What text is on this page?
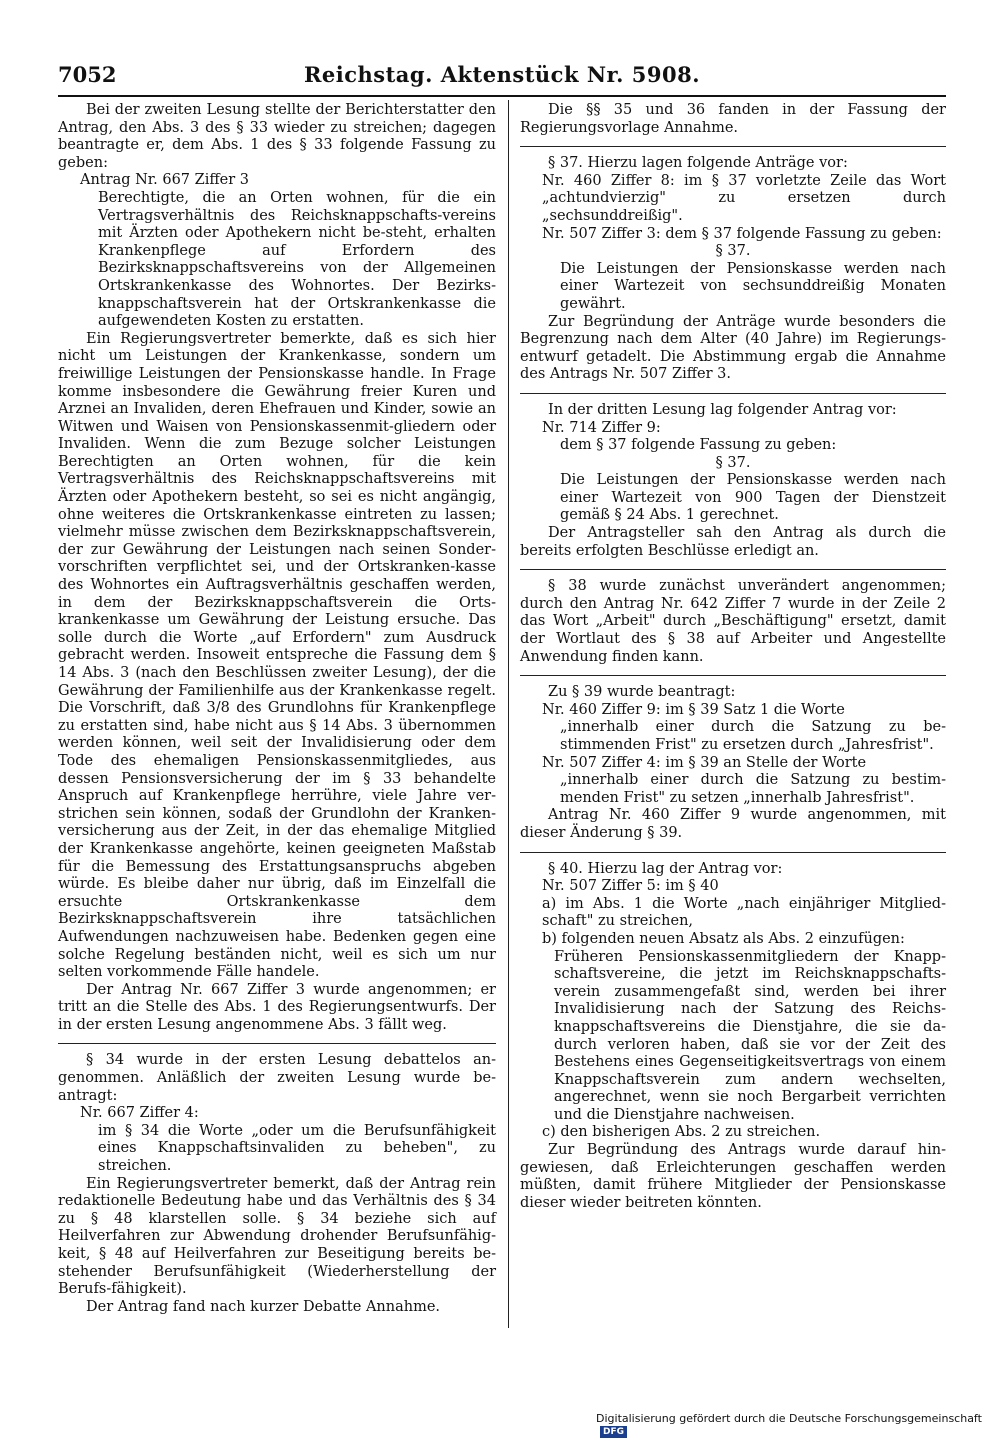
7052	Reichstag. Aktenstück Nr. 5908.
Bei der zweiten Lesung stellte der Berichterstatter den Antrag, den Abs. 3 des § 33 wieder zu streichen; dagegen beantragte er, dem Abs. 1 des § 33 folgende Fassung zu geben:
Antrag Nr. 667 Ziffer 3
Berechtigte, die an Orten wohnen, für die ein Vertragsverhältnis des Reichsknappschafts-vereins mit Ärzten oder Apothekern nicht be-steht, erhalten Krankenpflege auf Erfordern des Bezirksknappschaftsvereins von der Allgemeinen Ortskrankenkasse des Wohnortes. Der Bezirks-knappschaftsverein hat der Ortskrankenkasse die aufgewendeten Kosten zu erstatten.
Ein Regierungsvertreter bemerkte, daß es sich hier nicht um Leistungen der Krankenkasse, sondern um freiwillige Leistungen der Pensionskasse handle. In Frage komme insbesondere die Gewährung freier Kuren und Arznei an Invaliden, deren Ehefrauen und Kinder, sowie an Witwen und Waisen von Pensionskassenmit-gliedern oder Invaliden. Wenn die zum Bezuge solcher Leistungen Berechtigten an Orten wohnen, für die kein Vertragsverhältnis des Reichsknappschaftsvereins mit Ärzten oder Apothekern besteht, so sei es nicht angängig, ohne weiteres die Ortskrankenkasse eintreten zu lassen; vielmehr müsse zwischen dem Bezirksknappschaftsverein, der zur Gewährung der Leistungen nach seinen Sonder-vorschriften verpflichtet sei, und der Ortskranken-kasse des Wohnortes ein Auftragsverhältnis geschaffen werden, in dem der Bezirksknappschaftsverein die Orts-krankenkasse um Gewährung der Leistung ersuche. Das solle durch die Worte „auf Erfordern" zum Ausdruck gebracht werden. Insoweit entspreche die Fassung dem § 14 Abs. 3 (nach den Beschlüssen zweiter Lesung), der die Gewährung der Familienhilfe aus der Krankenkasse regelt. Die Vorschrift, daß 3/8 des Grundlohns für Krankenpflege zu erstatten sind, habe nicht aus § 14 Abs. 3 übernommen werden können, weil seit der Invalidisierung oder dem Tode des ehemaligen Pensionskassenmitgliedes, aus dessen Pensionsversicherung der im § 33 behandelte Anspruch auf Krankenpflege herrühre, viele Jahre ver-strichen sein können, sodaß der Grundlohn der Kranken-versicherung aus der Zeit, in der das ehemalige Mitglied der Krankenkasse angehörte, keinen geeigneten Maßstab für die Bemessung des Erstattungsanspruchs abgeben würde. Es bleibe daher nur übrig, daß im Einzelfall die ersuchte Ortskrankenkasse dem Bezirksknappschaftsverein ihre tatsächlichen Aufwendungen nachzuweisen habe. Bedenken gegen eine solche Regelung beständen nicht, weil es sich um nur selten vorkommende Fälle handele.
Der Antrag Nr. 667 Ziffer 3 wurde angenommen; er tritt an die Stelle des Abs. 1 des Regierungsentwurfs. Der in der ersten Lesung angenommene Abs. 3 fällt weg.
§ 34 wurde in der ersten Lesung debattelos an-genommen. Anläßlich der zweiten Lesung wurde be-antragt:
Nr. 667 Ziffer 4:
im § 34 die Worte „oder um die Berufsunfähigkeit eines Knappschaftsinvaliden zu beheben", zu streichen.
Ein Regierungsvertreter bemerkt, daß der Antrag rein redaktionelle Bedeutung habe und das Verhältnis des § 34 zu § 48 klarstellen solle. § 34 beziehe sich auf Heilverfahren zur Abwendung drohender Berufsunfähig-keit, § 48 auf Heilverfahren zur Beseitigung bereits be-stehender Berufsunfähigkeit (Wiederherstellung der Berufs-fähigkeit).
Der Antrag fand nach kurzer Debatte Annahme.
Die §§ 35 und 36 fanden in der Fassung der Regierungsvorlage Annahme.
§ 37. Hierzu lagen folgende Anträge vor:
Nr. 460 Ziffer 8: im § 37 vorletzte Zeile das Wort „achtundvierzig" zu ersetzen durch „sechsunddreißig".
Nr. 507 Ziffer 3: dem § 37 folgende Fassung zu geben:
§ 37.
Die Leistungen der Pensionskasse werden nach einer Wartezeit von sechsunddreißig Monaten gewährt.
Zur Begründung der Anträge wurde besonders die Begrenzung nach dem Alter (40 Jahre) im Regierungs-entwurf getadelt. Die Abstimmung ergab die Annahme des Antrags Nr. 507 Ziffer 3.
In der dritten Lesung lag folgender Antrag vor:
Nr. 714 Ziffer 9:
dem § 37 folgende Fassung zu geben:
§ 37.
Die Leistungen der Pensionskasse werden nach einer Wartezeit von 900 Tagen der Dienstzeit gemäß § 24 Abs. 1 gerechnet.
Der Antragsteller sah den Antrag als durch die bereits erfolgten Beschlüsse erledigt an.
§ 38 wurde zunächst unverändert angenommen; durch den Antrag Nr. 642 Ziffer 7 wurde in der Zeile 2 das Wort „Arbeit" durch „Beschäftigung" ersetzt, damit der Wortlaut des § 38 auf Arbeiter und Angestellte Anwendung finden kann.
Zu § 39 wurde beantragt:
Nr. 460 Ziffer 9: im § 39 Satz 1 die Worte
„innerhalb einer durch die Satzung zu be-stimmenden Frist" zu ersetzen durch „Jahresfrist".
Nr. 507 Ziffer 4: im § 39 an Stelle der Worte
„innerhalb einer durch die Satzung zu bestim-menden Frist" zu setzen „innerhalb Jahresfrist".
Antrag Nr. 460 Ziffer 9 wurde angenommen, mit dieser Änderung § 39.
§ 40. Hierzu lag der Antrag vor:
Nr. 507 Ziffer 5: im § 40
a) im Abs. 1 die Worte „nach einjähriger Mitglied-schaft" zu streichen,
b) folgenden neuen Absatz als Abs. 2 einzufügen:
Früheren Pensionskassenmitgliedern der Knapp-schaftsvereine, die jetzt im Reichsknappschafts-verein zusammengefaßt sind, werden bei ihrer Invalidisierung nach der Satzung des Reichs-knappschaftsvereins die Dienstjahre, die sie da-durch verloren haben, daß sie vor der Zeit des Bestehens eines Gegenseitigkeitsvertrags von einem Knappschaftsverein zum andern wechselten, angerechnet, wenn sie noch Bergarbeit verrichten und die Dienstjahre nachweisen.
c) den bisherigen Abs. 2 zu streichen.
Zur Begründung des Antrags wurde darauf hin-gewiesen, daß Erleichterungen geschaffen werden müßten, damit frühere Mitglieder der Pensionskasse dieser wieder beitreten könnten.
Digitalisierung gefördert durch die Deutsche Forschungsgemeinschaft DFG
